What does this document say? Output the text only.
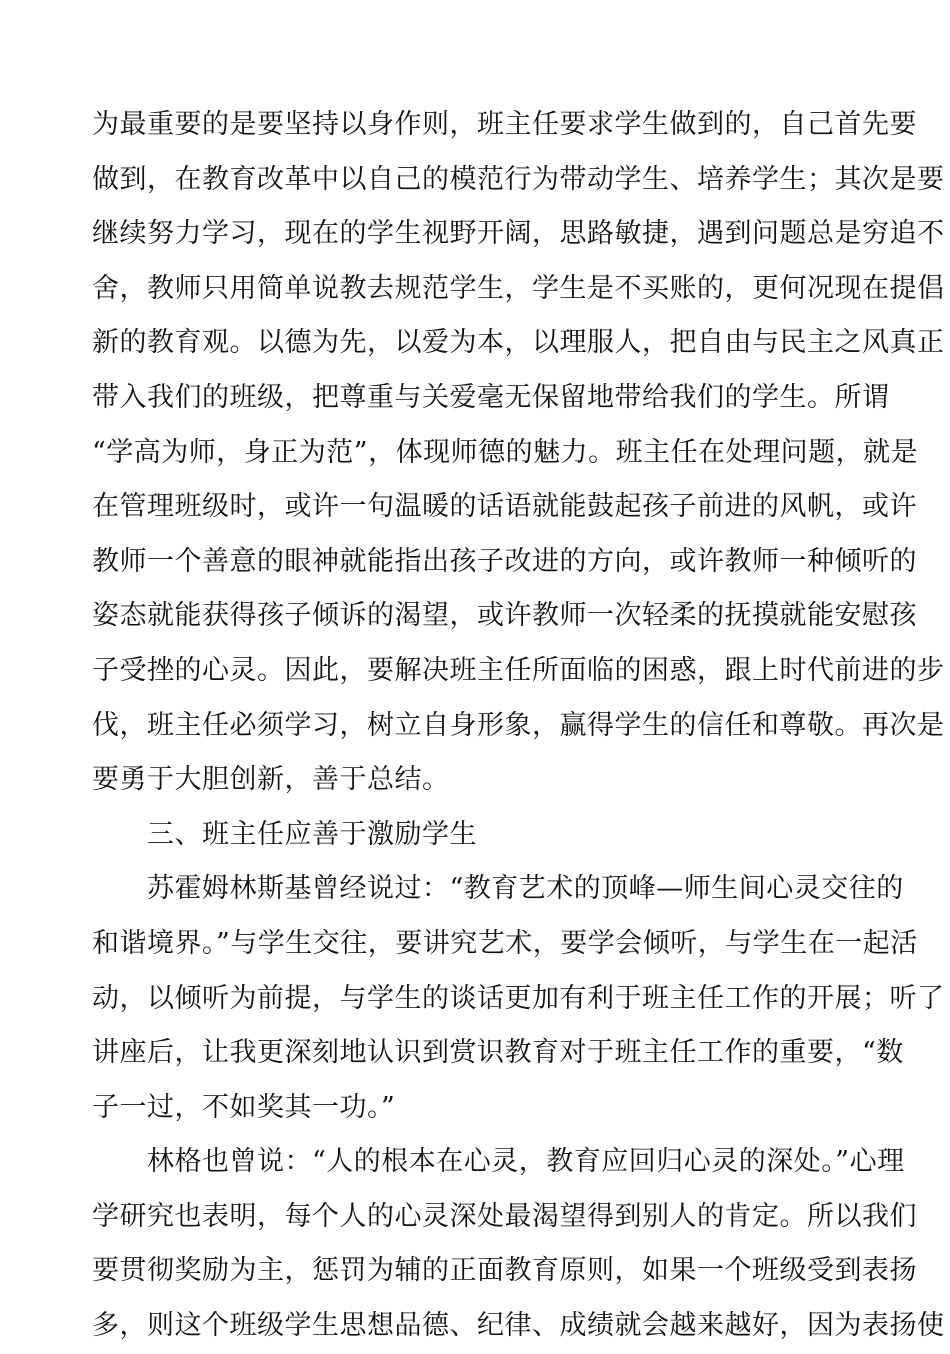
为最重要的是要坚持以身作则，班主任要求学生做到的，自己首先要
做到，在教育改革中以自己的模范行为带动学生、培养学生；其次是要
继续努力学习，现在的学生视野开阔，思路敏捷，遇到问题总是穷追不
舍，教师只用简单说教去规范学生，学生是不买账的，更何况现在提倡
新的教育观。以德为先，以爱为本，以理服人，把自由与民主之风真正
带入我们的班级，把尊重与关爱毫无保留地带给我们的学生。所谓
“学高为师，身正为范”，体现师德的魅力。班主任在处理问题，就是
在管理班级时，或许一句温暖的话语就能鼓起孩子前进的风帆，或许
教师一个善意的眼神就能指出孩子改进的方向，或许教师一种倾听的
姿态就能获得孩子倾诉的渴望，或许教师一次轻柔的抚摸就能安慰孩
子受挫的心灵。因此，要解决班主任所面临的困惑，跟上时代前进的步
伐，班主任必须学习，树立自身形象，赢得学生的信任和尊敬。再次是
要勇于大胆创新，善于总结。
三、班主任应善于激励学生
苏霍姆林斯基曾经说过：“教育艺术的顶峰—师生间心灵交往的
和谐境界。”与学生交往，要讲究艺术，要学会倾听，与学生在一起活
动，以倾听为前提，与学生的谈话更加有利于班主任工作的开展；听了
讲座后，让我更深刻地认识到赏识教育对于班主任工作的重要，“数
子一过，不如奖其一功。”
林格也曾说：“人的根本在心灵，教育应回归心灵的深处。”心理
学研究也表明，每个人的心灵深处最渴望得到别人的肯定。所以我们
要贯彻奖励为主，惩罚为辅的正面教育原则，如果一个班级受到表扬
多，则这个班级学生思想品德、纪律、成绩就会越来越好，因为表扬使
